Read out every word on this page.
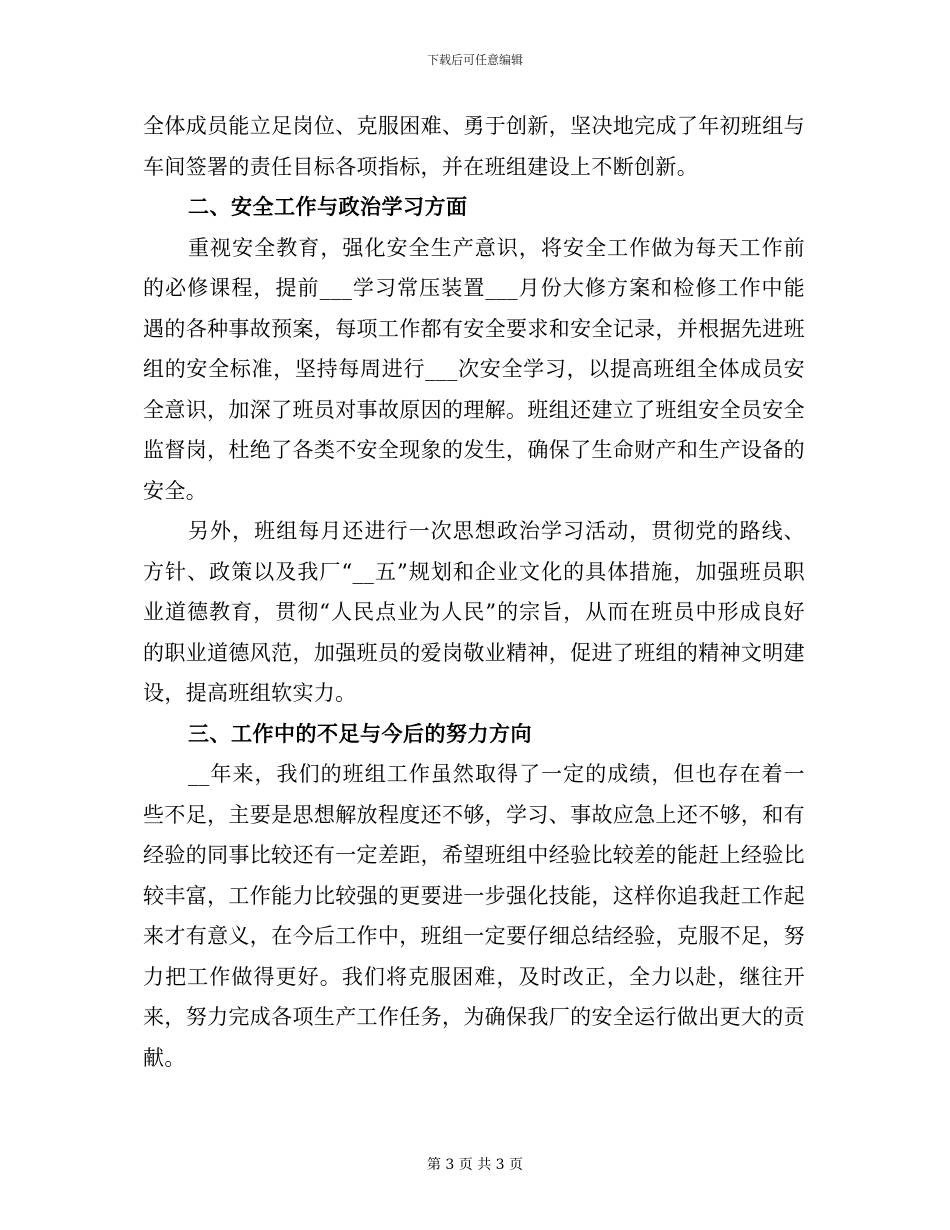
下载后可任意编辑

全体成员能立足岗位、克服困难、勇于创新，坚决地完成了年初班组与车间签署的责任目标各项指标，并在班组建设上不断创新。

二、安全工作与政治学习方面

重视安全教育，强化安全生产意识，将安全工作做为每天工作前的必修课程，提前___学习常压装置___月份大修方案和检修工作中能遇的各种事故预案，每项工作都有安全要求和安全记录，并根据先进班组的安全标准，坚持每周进行___次安全学习，以提高班组全体成员安全意识，加深了班员对事故原因的理解。班组还建立了班组安全员安全监督岗，杜绝了各类不安全现象的发生，确保了生命财产和生产设备的安全。

另外，班组每月还进行一次思想政治学习活动，贯彻党的路线、方针、政策以及我厂“__五”规划和企业文化的具体措施，加强班员职业道德教育，贯彻“人民点业为人民”的宗旨，从而在班员中形成良好的职业道德风范，加强班员的爱岗敬业精神，促进了班组的精神文明建设，提高班组软实力。

三、工作中的不足与今后的努力方向

__年来，我们的班组工作虽然取得了一定的成绩，但也存在着一些不足，主要是思想解放程度还不够，学习、事故应急上还不够，和有经验的同事比较还有一定差距，希望班组中经验比较差的能赶上经验比较丰富，工作能力比较强的更要进一步强化技能，这样你追我赶工作起来才有意义，在今后工作中，班组一定要仔细总结经验，克服不足，努力把工作做得更好。我们将克服困难，及时改正，全力以赴，继往开来，努力完成各项生产工作任务，为确保我厂的安全运行做出更大的贡献。

第 3 页 共 3 页
